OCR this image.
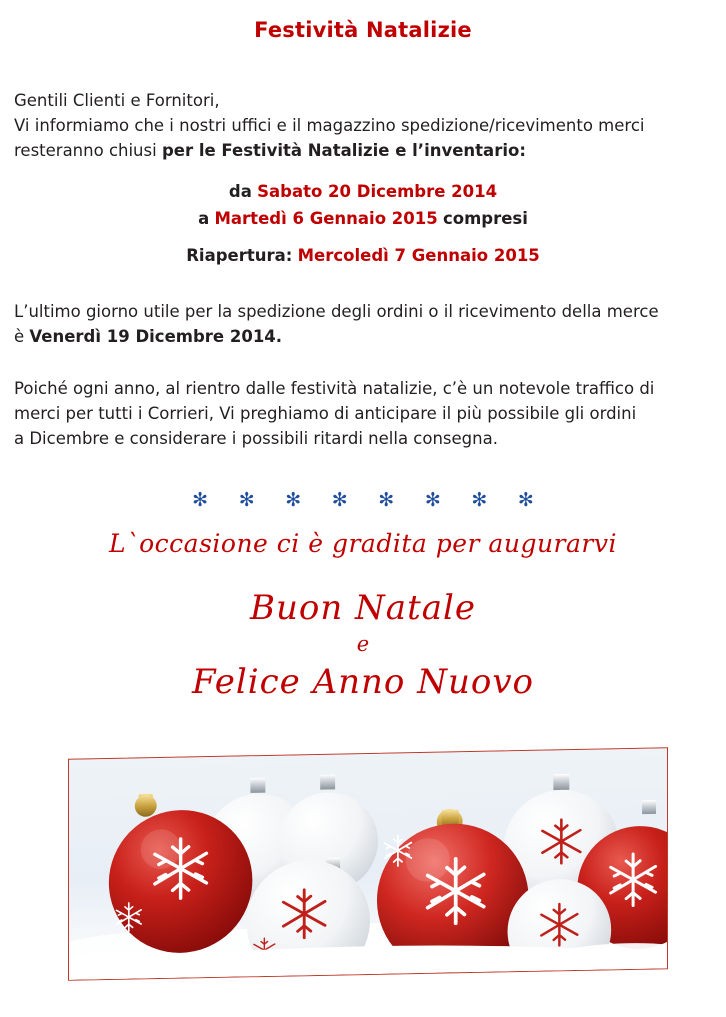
Festività Natalizie

Gentili Clienti e Fornitori,

Vi informiamo che i nostri uffici e il magazzino spedizione/ricevimento merci

resteranno chiusi per le Festività Natalizie e l’inventario:

da Sabato 20 Dicembre 2014
a Martedì 6 Gennaio 2015 compresi
Riapertura: Mercoledì 7 Gennaio 2015

L’ultimo giorno utile per la spedizione degli ordini o il ricevimento della merce

è Venerdì 19 Dicembre 2014.

Poiché ogni anno, al rientro dalle festività natalizie, c’è un notevole traffico di

merci per tutti i Corrieri, Vi preghiamo di anticipare il più possibile gli ordini

a Dicembre e considerare i possibili ritardi nella consegna.

✻ ✻ ✻ ✻ ✻ ✻ ✻ ✻
L`occasione ci è gradita per augurarvi
Buon Natale
e
Felice Anno Nuovo
